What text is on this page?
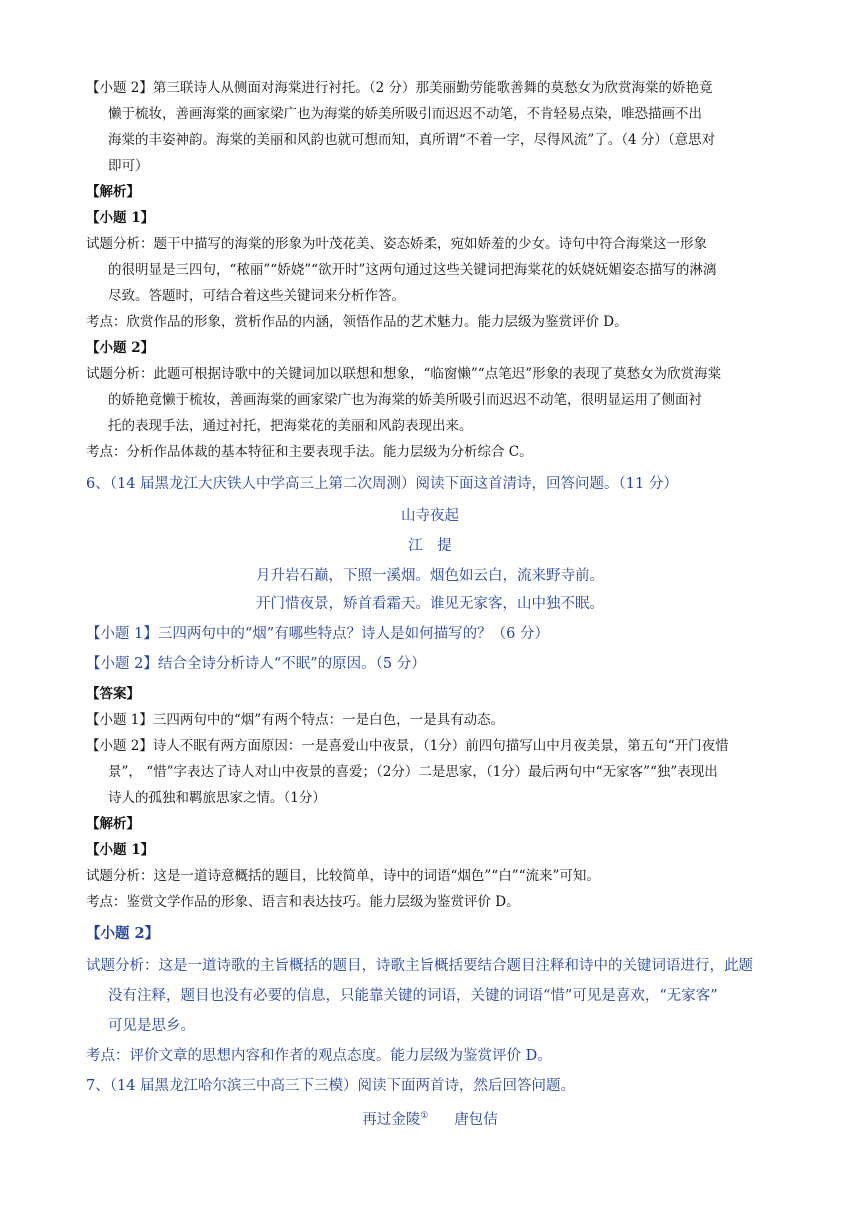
【小题 2】第三联诗人从侧面对海棠进行衬托。（2 分）那美丽勤劳能歌善舞的莫愁女为欣赏海棠的娇艳竟
懒于梳妆，善画海棠的画家梁广也为海棠的娇美所吸引而迟迟不动笔，不肯轻易点染，唯恐描画不出
海棠的丰姿神韵。海棠的美丽和风韵也就可想而知，真所谓“不着一字，尽得风流”了。（4 分）（意思对
即可）
【解析】
【小题 1】
试题分析：题干中描写的海棠的形象为叶茂花美、姿态娇柔，宛如娇羞的少女。诗句中符合海棠这一形象
的很明显是三四句，“秾丽”“娇娆”“欲开时”这两句通过这些关键词把海棠花的妖娆妩媚姿态描写的淋漓
尽致。答题时，可结合着这些关键词来分析作答。
考点：欣赏作品的形象，赏析作品的内涵，领悟作品的艺术魅力。能力层级为鉴赏评价 D。
【小题 2】
试题分析：此题可根据诗歌中的关键词加以联想和想象，“临窗懒”“点笔迟”形象的表现了莫愁女为欣赏海棠
的娇艳竟懒于梳妆，善画海棠的画家梁广也为海棠的娇美所吸引而迟迟不动笔，很明显运用了侧面衬
托的表现手法，通过衬托，把海棠花的美丽和风韵表现出来。
考点：分析作品体裁的基本特征和主要表现手法。能力层级为分析综合 C。
6、（14 届黑龙江大庆铁人中学高三上第二次周测）阅读下面这首清诗，回答问题。（11 分）
山寺夜起
江　提
月升岩石巅，下照一溪烟。烟色如云白，流来野寺前。
开门惜夜景，矫首看霜天。谁见无家客，山中独不眠。
【小题 1】三四两句中的“烟”有哪些特点？诗人是如何描写的？（6 分）
【小题 2】结合全诗分析诗人“不眠”的原因。（5 分）
【答案】
【小题 1】三四两句中的“烟”有两个特点：一是白色，一是具有动态。
【小题 2】诗人不眠有两方面原因：一是喜爱山中夜景，（1分）前四句描写山中月夜美景，第五句“开门夜惜
景”， “惜”字表达了诗人对山中夜景的喜爱；（2分）二是思家，（1分）最后两句中“无家客”“独”表现出
诗人的孤独和羁旅思家之情。（1分）
【解析】
【小题 1】
试题分析：这是一道诗意概括的题目，比较简单，诗中的词语“烟色”“白”“流来”可知。
考点：鉴赏文学作品的形象、语言和表达技巧。能力层级为鉴赏评价 D。
【小题 2】
试题分析：这是一道诗歌的主旨概括的题目，诗歌主旨概括要结合题目注释和诗中的关键词语进行，此题
没有注释，题目也没有必要的信息，只能靠关键的词语，关键的词语“惜”可见是喜欢，“无家客”
可见是思乡。
考点：评价文章的思想内容和作者的观点态度。能力层级为鉴赏评价 D。
7、（14 届黑龙江哈尔滨三中高三下三模）阅读下面两首诗，然后回答问题。
再过金陵① 唐包佶
